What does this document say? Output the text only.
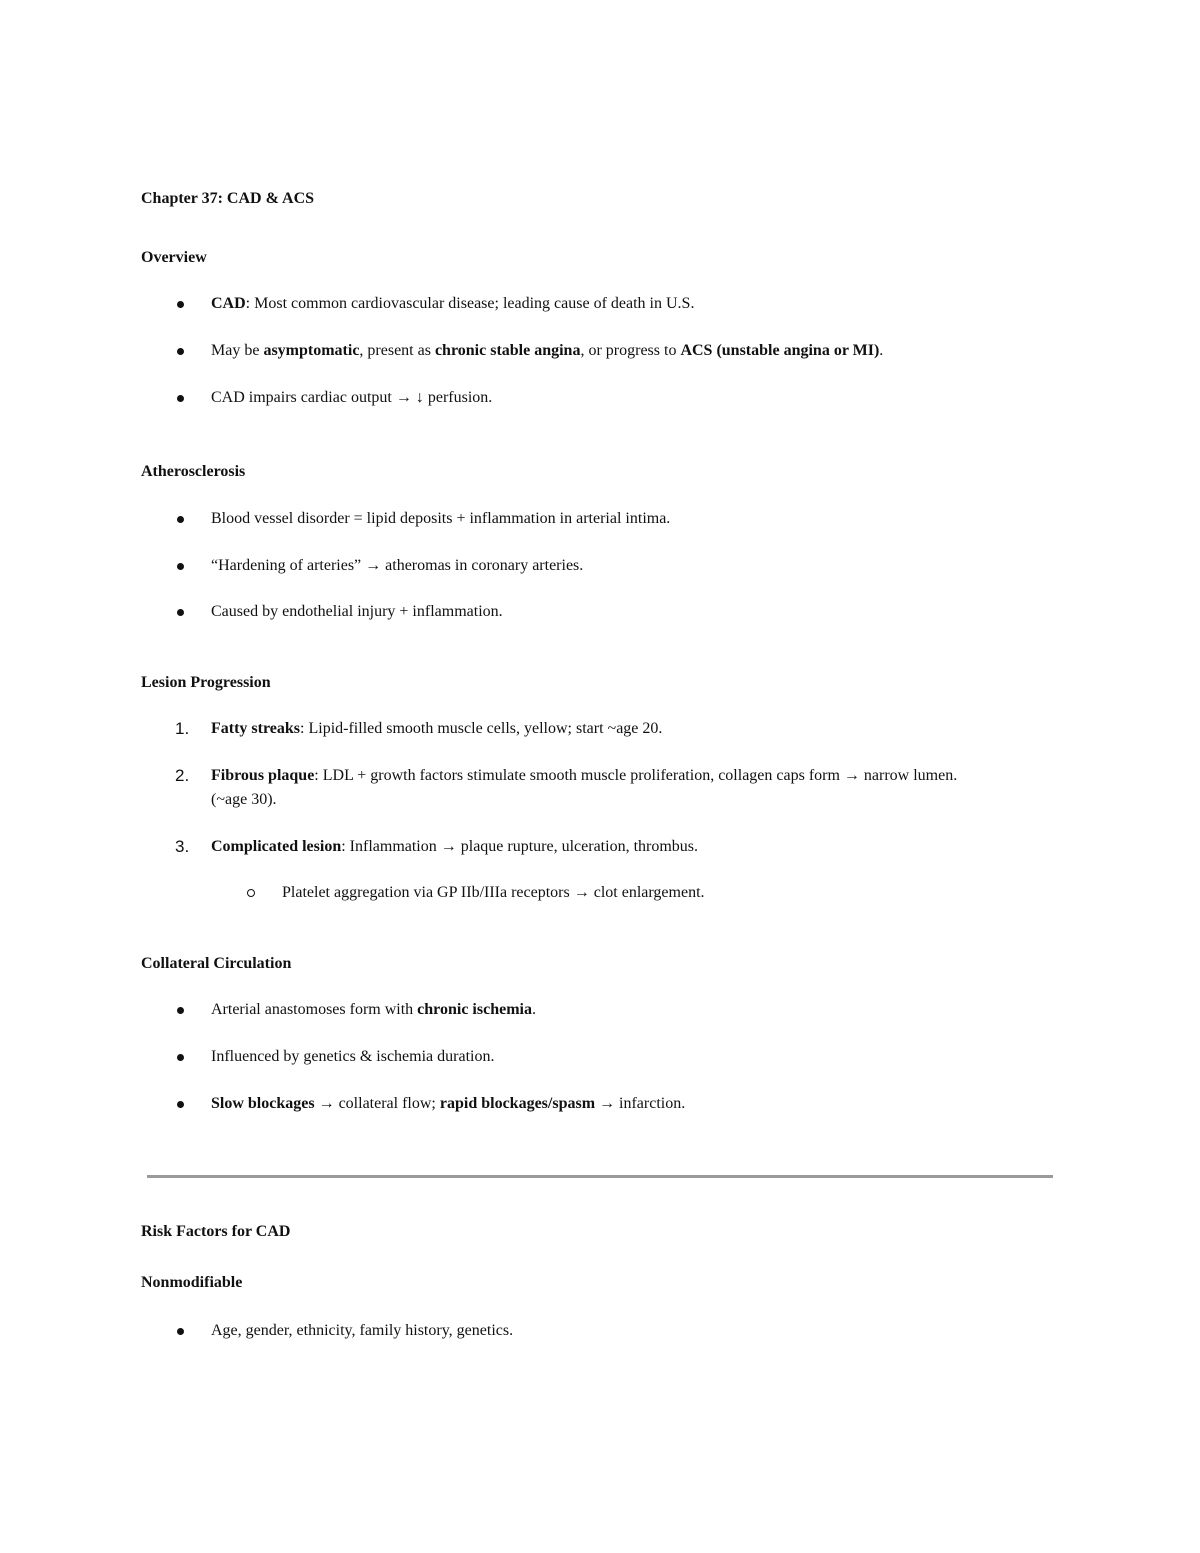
Chapter 37: CAD & ACS
Overview
CAD: Most common cardiovascular disease; leading cause of death in U.S.
May be asymptomatic, present as chronic stable angina, or progress to ACS (unstable angina or MI).
CAD impairs cardiac output → ↓ perfusion.
Atherosclerosis
Blood vessel disorder = lipid deposits + inflammation in arterial intima.
“Hardening of arteries” → atheromas in coronary arteries.
Caused by endothelial injury + inflammation.
Lesion Progression
1. Fatty streaks: Lipid-filled smooth muscle cells, yellow; start ~age 20.
2. Fibrous plaque: LDL + growth factors stimulate smooth muscle proliferation, collagen caps form → narrow lumen.
(~age 30).
3. Complicated lesion: Inflammation → plaque rupture, ulceration, thrombus.
Platelet aggregation via GP IIb/IIIa receptors → clot enlargement.
Collateral Circulation
Arterial anastomoses form with chronic ischemia.
Influenced by genetics & ischemia duration.
Slow blockages → collateral flow; rapid blockages/spasm → infarction.
Risk Factors for CAD
Nonmodifiable
Age, gender, ethnicity, family history, genetics.
